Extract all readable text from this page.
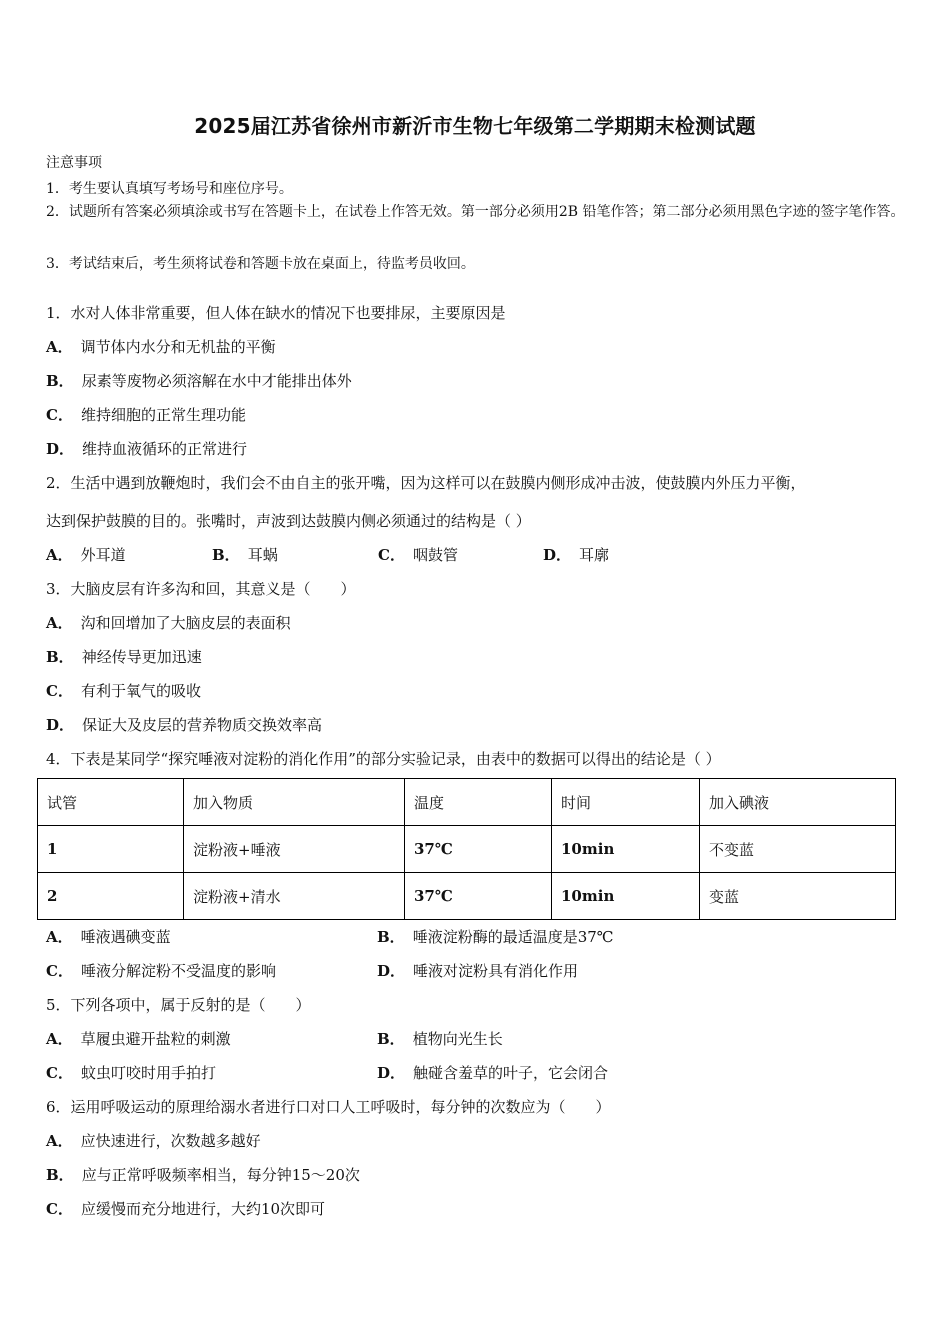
2025届江苏省徐州市新沂市生物七年级第二学期期末检测试题
注意事项
1．考生要认真填写考场号和座位序号。
2．试题所有答案必须填涂或书写在答题卡上，在试卷上作答无效。第一部分必须用2B 铅笔作答；第二部分必须用黑色字迹的签字笔作答。
3．考试结束后，考生须将试卷和答题卡放在桌面上，待监考员收回。
1．水对人体非常重要，但人体在缺水的情况下也要排尿，主要原因是
A． 调节体内水分和无机盐的平衡
B． 尿素等废物必须溶解在水中才能排出体外
C． 维持细胞的正常生理功能
D． 维持血液循环的正常进行
2．生活中遇到放鞭炮时，我们会不由自主的张开嘴，因为这样可以在鼓膜内侧形成冲击波，使鼓膜内外压力平衡，
达到保护鼓膜的目的。张嘴时，声波到达鼓膜内侧必须通过的结构是（ ）
A． 外耳道	B． 耳蜗	C． 咽鼓管	D． 耳廓
3．大脑皮层有许多沟和回，其意义是（　　）
A． 沟和回增加了大脑皮层的表面积
B． 神经传导更加迅速
C． 有利于氧气的吸收
D． 保证大及皮层的营养物质交换效率高
4．下表是某同学“探究唾液对淀粉的消化作用”的部分实验记录，由表中的数据可以得出的结论是（ ）
试管	加入物质	温度	时间	加入碘液
1	淀粉液+唾液	37℃	10min	不变蓝
2	淀粉液+清水	37℃	10min	变蓝
A． 唾液遇碘变蓝	B． 唾液淀粉酶的最适温度是37℃
C． 唾液分解淀粉不受温度的影响	D． 唾液对淀粉具有消化作用
5．下列各项中，属于反射的是（　　）
A． 草履虫避开盐粒的刺激	B． 植物向光生长
C． 蚊虫叮咬时用手拍打	D． 触碰含羞草的叶子，它会闭合
6．运用呼吸运动的原理给溺水者进行口对口人工呼吸时，每分钟的次数应为（　　）
A． 应快速进行，次数越多越好
B． 应与正常呼吸频率相当，每分钟15～20次
C． 应缓慢而充分地进行，大约10次即可
